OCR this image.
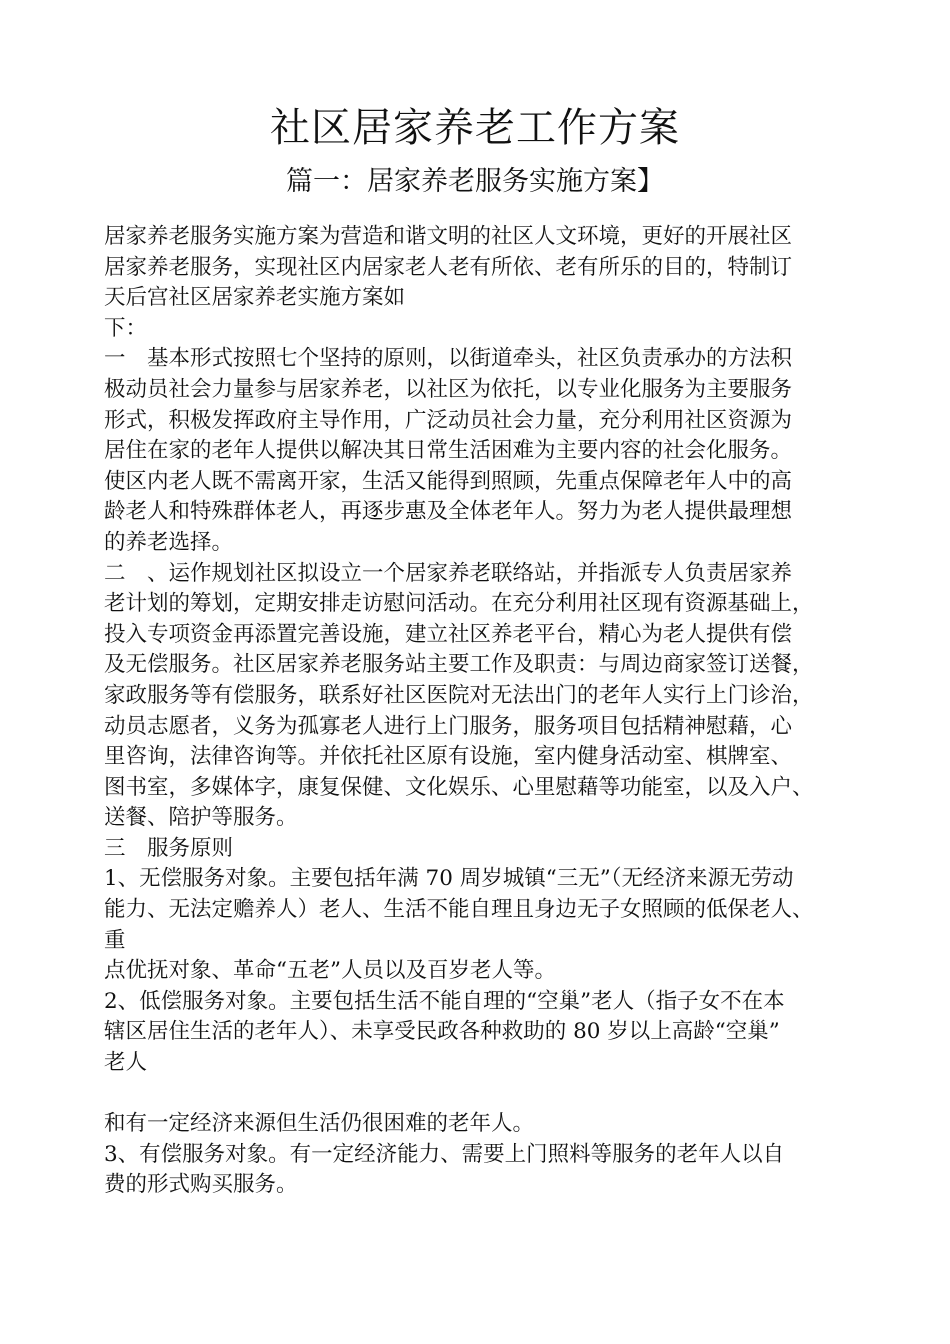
社区居家养老工作方案
篇一：居家养老服务实施方案】
居家养老服务实施方案为营造和谐文明的社区人文环境，更好的开展社区
居家养老服务，实现社区内居家老人老有所依、老有所乐的目的，特制订
天后宫社区居家养老实施方案如
下：
一　基本形式按照七个坚持的原则，以街道牵头，社区负责承办的方法积
极动员社会力量参与居家养老，以社区为依托，以专业化服务为主要服务
形式，积极发挥政府主导作用，广泛动员社会力量，充分利用社区资源为
居住在家的老年人提供以解决其日常生活困难为主要内容的社会化服务。
使区内老人既不需离开家，生活又能得到照顾，先重点保障老年人中的高
龄老人和特殊群体老人，再逐步惠及全体老年人。努力为老人提供最理想
的养老选择。
二　、运作规划社区拟设立一个居家养老联络站，并指派专人负责居家养
老计划的筹划，定期安排走访慰问活动。在充分利用社区现有资源基础上，
投入专项资金再添置完善设施，建立社区养老平台，精心为老人提供有偿
及无偿服务。社区居家养老服务站主要工作及职责：与周边商家签订送餐，
家政服务等有偿服务，联系好社区医院对无法出门的老年人实行上门诊治，
动员志愿者，义务为孤寡老人进行上门服务，服务项目包括精神慰藉，心
里咨询，法律咨询等。并依托社区原有设施，室内健身活动室、棋牌室、
图书室，多媒体字，康复保健、文化娱乐、心里慰藉等功能室，以及入户、
送餐、陪护等服务。
三　服务原则
1、无偿服务对象。主要包括年满 70 周岁城镇“三无”（无经济来源无劳动
能力、无法定赡养人）老人、生活不能自理且身边无子女照顾的低保老人、
重
点优抚对象、革命“五老”人员以及百岁老人等。
2、低偿服务对象。主要包括生活不能自理的“空巢”老人（指子女不在本
辖区居住生活的老年人）、未享受民政各种救助的 80 岁以上高龄“空巢”
老人
和有一定经济来源但生活仍很困难的老年人。
3、有偿服务对象。有一定经济能力、需要上门照料等服务的老年人以自
费的形式购买服务。
